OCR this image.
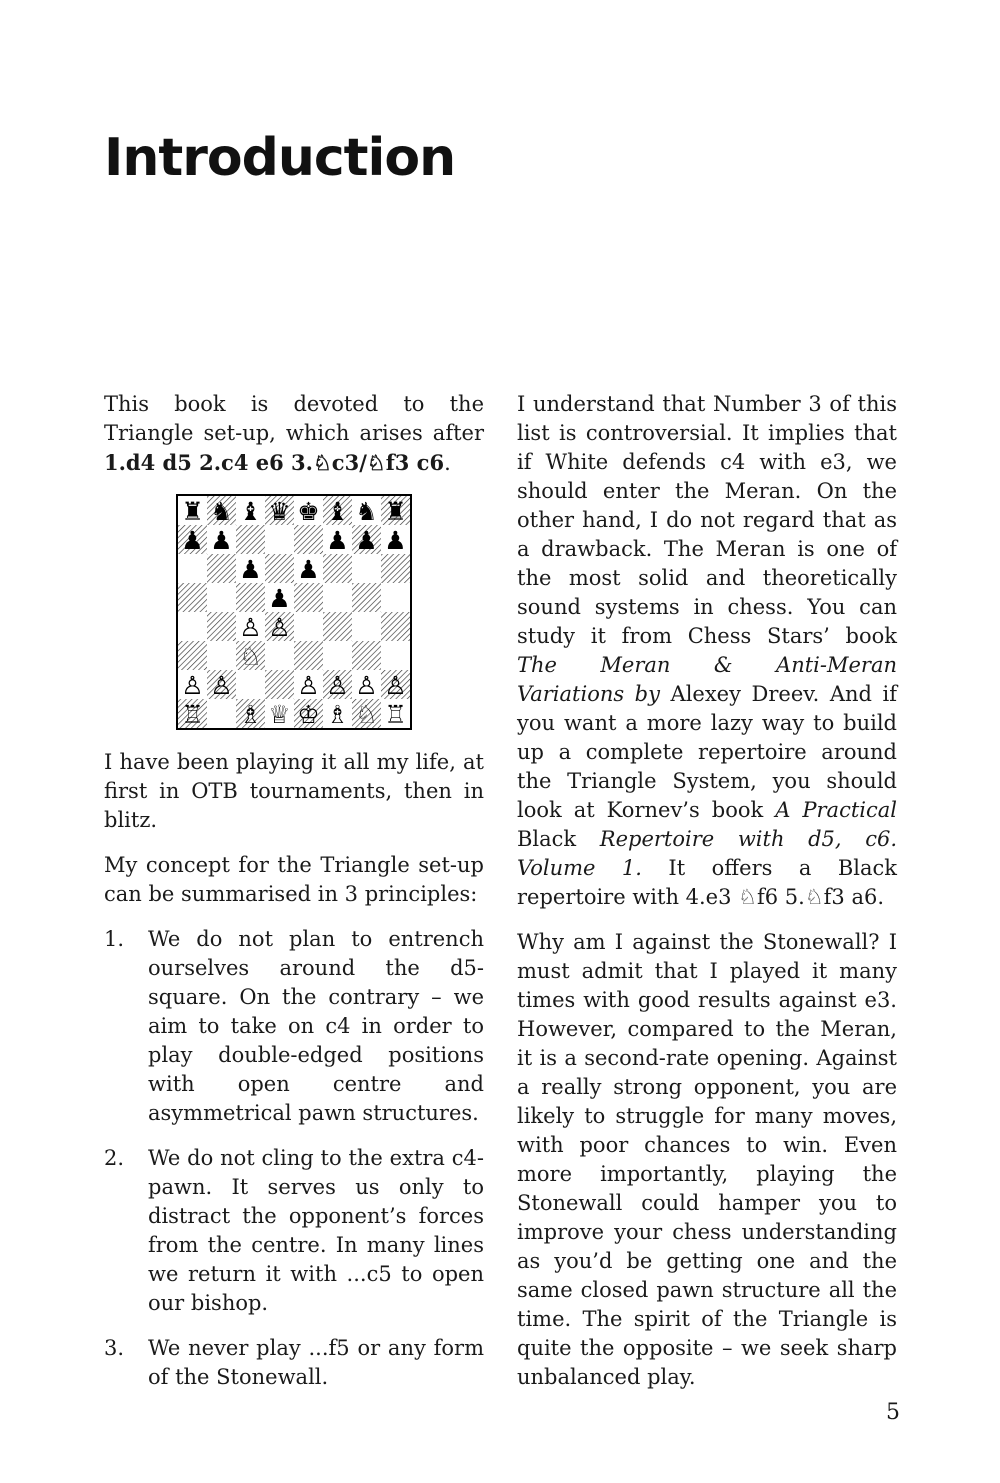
Introduction

This book is devoted to the Triangle set-up, which arises after 1.d4 d5 2.c4 e6 3.♘c3/♘f3 c6.

♜ ♞ ♝ ♛ ♚ ♝ ♞ ♜
♟ ♟	♟ ♟ ♟
♟ ♟
♟
♙ ♙
♘
♙ ♙	♙ ♙ ♙ ♙
♖ ♗ ♕ ♔ ♗ ♘ ♖

I have been playing it all my life, at first in OTB tournaments, then in blitz.

My concept for the Triangle set-up can be summarised in 3 principles:

1. We do not plan to entrench ourselves around the d5-square. On the contrary – we aim to take on c4 in order to play double-edged positions with open centre and asymmetrical pawn structures.
2. We do not cling to the extra c4-pawn. It serves us only to distract the opponent’s forces from the centre. In many lines we return it with ...c5 to open our bishop.
3. We never play ...f5 or any form of the Stonewall.

I understand that Number 3 of this list is controversial. It implies that if White defends c4 with e3, we should enter the Meran. On the other hand, I do not regard that as a drawback. The Meran is one of the most solid and theoretically sound systems in chess. You can study it from Chess Stars’ book The Meran & Anti-Meran Variations by Alexey Dreev. And if you want a more lazy way to build up a complete repertoire around the Triangle System, you should look at Kornev’s book A Practical Black Repertoire with d5, c6. Volume 1. It offers a Black repertoire with 4.e3 ♘f6 5.♘f3 a6.

Why am I against the Stonewall? I must admit that I played it many times with good results against e3. However, compared to the Meran, it is a second-rate opening. Against a really strong opponent, you are likely to struggle for many moves, with poor chances to win. Even more importantly, playing the Stonewall could hamper you to improve your chess understanding as you’d be getting one and the same closed pawn structure all the time. The spirit of the Triangle is quite the opposite – we seek sharp unbalanced play.

5
